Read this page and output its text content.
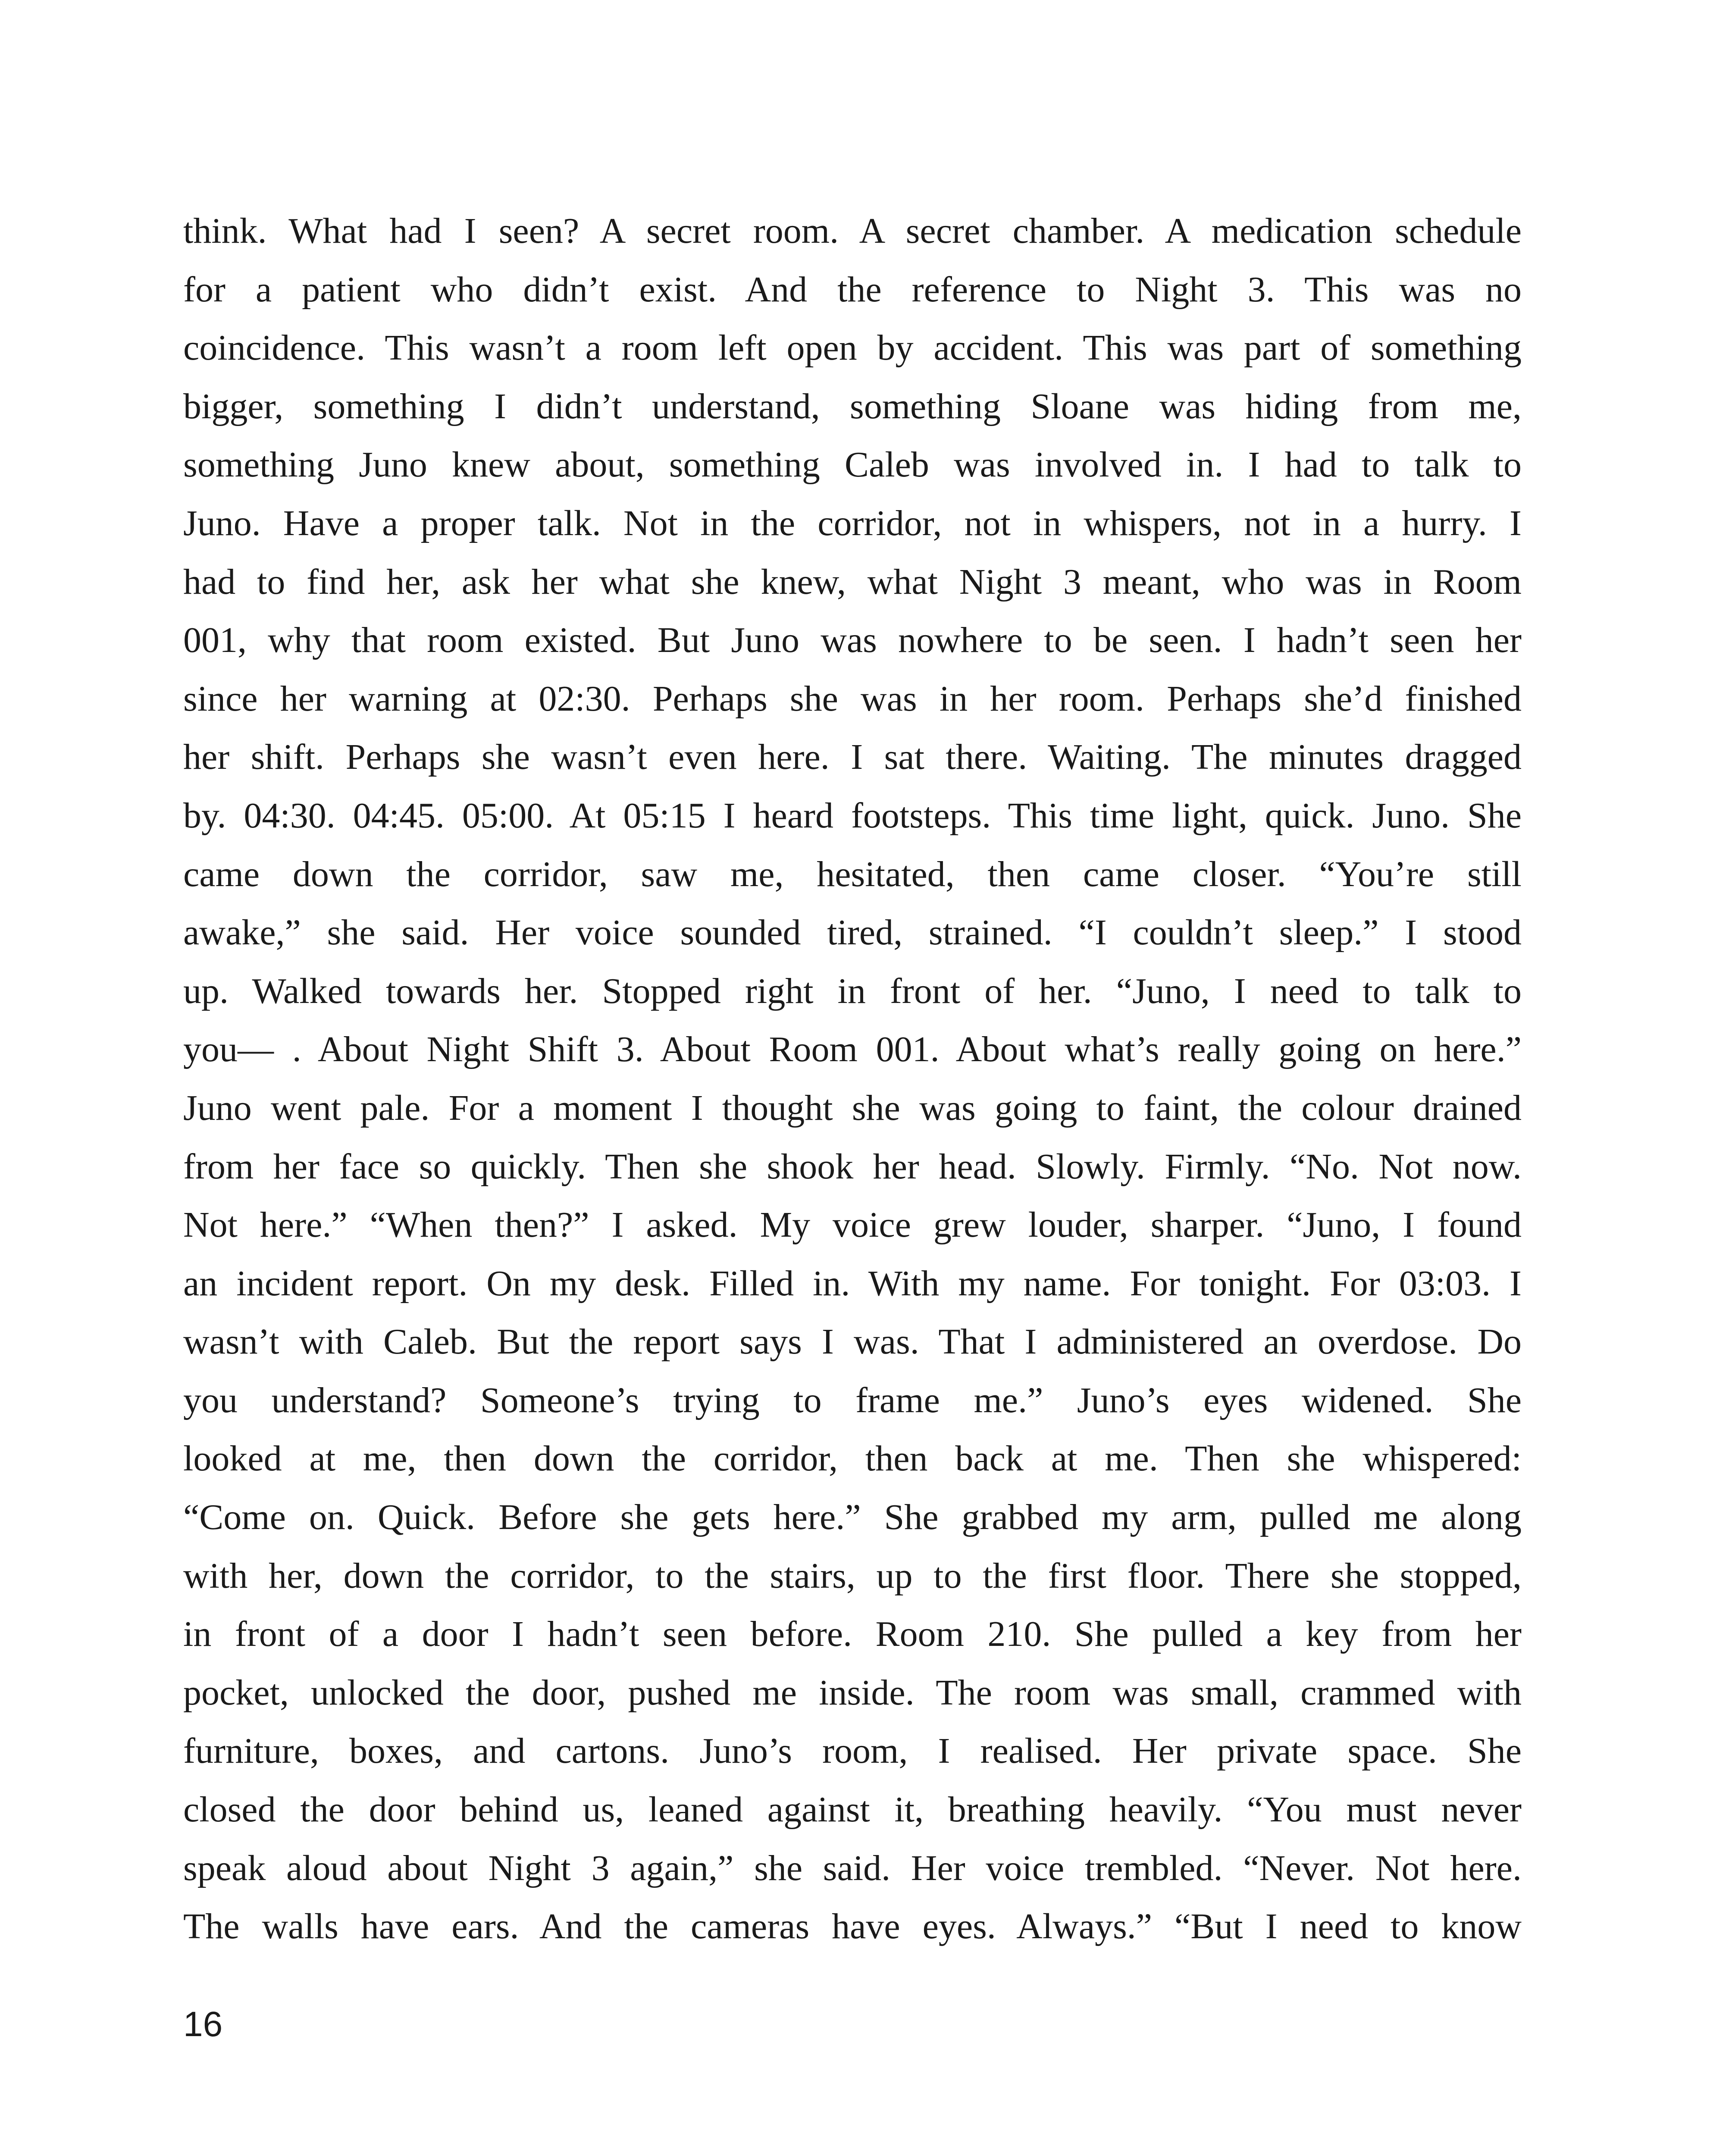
think. What had I seen? A secret room. A secret chamber. A medication schedule
for a patient who didn’t exist. And the reference to Night 3. This was no
coincidence. This wasn’t a room left open by accident. This was part of something
bigger, something I didn’t understand, something Sloane was hiding from me,
something Juno knew about, something Caleb was involved in. I had to talk to
Juno. Have a proper talk. Not in the corridor, not in whispers, not in a hurry. I
had to find her, ask her what she knew, what Night 3 meant, who was in Room
001, why that room existed. But Juno was nowhere to be seen. I hadn’t seen her
since her warning at 02:30. Perhaps she was in her room. Perhaps she’d finished
her shift. Perhaps she wasn’t even here. I sat there. Waiting. The minutes dragged
by. 04:30. 04:45. 05:00. At 05:15 I heard footsteps. This time light, quick. Juno. She
came down the corridor, saw me, hesitated, then came closer. “You’re still
awake,” she said. Her voice sounded tired, strained. “I couldn’t sleep.” I stood
up. Walked towards her. Stopped right in front of her. “Juno, I need to talk to
you— . About Night Shift 3. About Room 001. About what’s really going on here.”
Juno went pale. For a moment I thought she was going to faint, the colour drained
from her face so quickly. Then she shook her head. Slowly. Firmly. “No. Not now.
Not here.” “When then?” I asked. My voice grew louder, sharper. “Juno, I found
an incident report. On my desk. Filled in. With my name. For tonight. For 03:03. I
wasn’t with Caleb. But the report says I was. That I administered an overdose. Do
you understand? Someone’s trying to frame me.” Juno’s eyes widened. She
looked at me, then down the corridor, then back at me. Then she whispered:
“Come on. Quick. Before she gets here.” She grabbed my arm, pulled me along
with her, down the corridor, to the stairs, up to the first floor. There she stopped,
in front of a door I hadn’t seen before. Room 210. She pulled a key from her
pocket, unlocked the door, pushed me inside. The room was small, crammed with
furniture, boxes, and cartons. Juno’s room, I realised. Her private space. She
closed the door behind us, leaned against it, breathing heavily. “You must never
speak aloud about Night 3 again,” she said. Her voice trembled. “Never. Not here.
The walls have ears. And the cameras have eyes. Always.” “But I need to know

16
